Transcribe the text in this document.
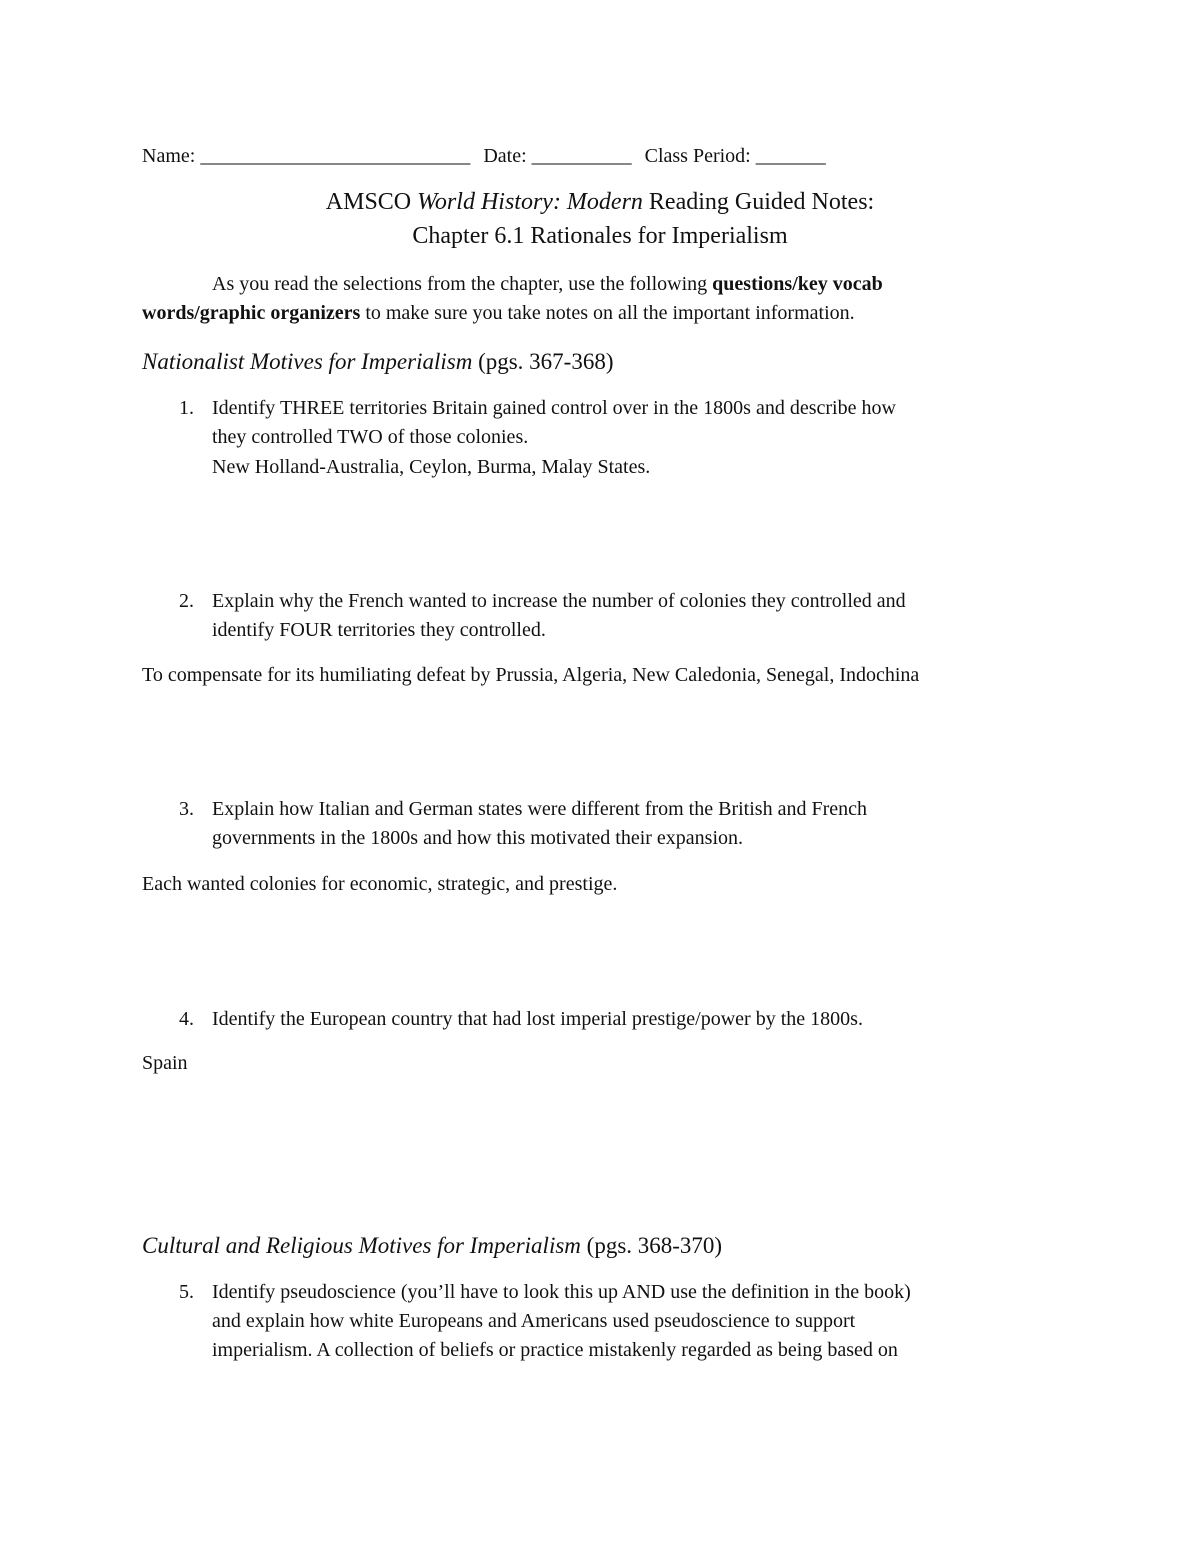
Name: ___________________________ Date: __________ Class Period: _______
AMSCO World History: Modern Reading Guided Notes:
Chapter 6.1 Rationales for Imperialism
As you read the selections from the chapter, use the following questions/key vocab
words/graphic organizers to make sure you take notes on all the important information.
Nationalist Motives for Imperialism (pgs. 367-368)
1. Identify THREE territories Britain gained control over in the 1800s and describe how
they controlled TWO of those colonies.
New Holland-Australia, Ceylon, Burma, Malay States.
2. Explain why the French wanted to increase the number of colonies they controlled and
identify FOUR territories they controlled.
To compensate for its humiliating defeat by Prussia, Algeria, New Caledonia, Senegal, Indochina
3. Explain how Italian and German states were different from the British and French
governments in the 1800s and how this motivated their expansion.
Each wanted colonies for economic, strategic, and prestige.
4. Identify the European country that had lost imperial prestige/power by the 1800s.
Spain
Cultural and Religious Motives for Imperialism (pgs. 368-370)
5. Identify pseudoscience (you’ll have to look this up AND use the definition in the book)
and explain how white Europeans and Americans used pseudoscience to support
imperialism. A collection of beliefs or practice mistakenly regarded as being based on
